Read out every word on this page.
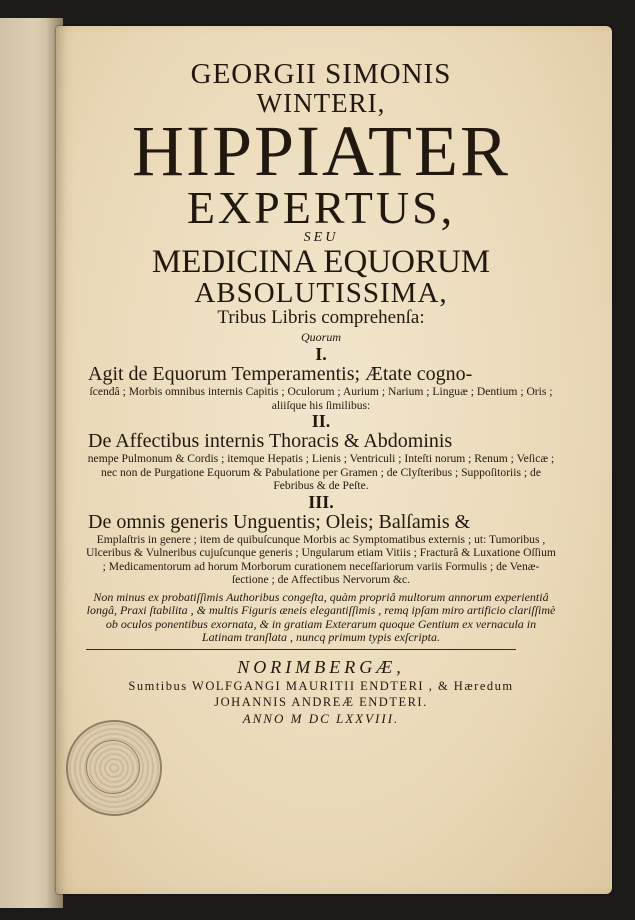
GEORGII SIMONIS
WINTERI,
HIPPIATER
EXPERTUS,
SEU
MEDICINA EQUORUM
ABSOLUTISSIMA,
Tribus Libris comprehenſa:
Quorum
I.
Agit de Equorum Temperamentis; Ætate cogno-
ſcendâ ; Morbis omnibus internis Capitis ; Oculorum ; Aurium ; Narium ; Linguæ ; Dentium ; Oris ; aliiſque his ſimilibus:
II.
De Affectibus internis Thoracis & Abdominis
nempe Pulmonum & Cordis ; itemque Hepatis ; Lienis ; Ventriculi ; Inteſti norum ; Renum ; Veſicæ ; nec non de Purgatione Equorum & Pabulatione per Gramen ; de Clyſteribus ; Suppoſitoriis ; de Febribus & de Peſte.
III.
De omnis generis Unguentis; Oleis; Balſamis &
Emplaſtris in genere ; item de quibuſcunque Morbis ac Symptomatibus externis ; ut: Tumoribus , Ulceribus & Vulneribus cujuſcunque generis ; Ungularum etiam Vitiis ; Fracturâ & Luxatione Oſſium ; Medicamentorum ad horum Morborum curationem neceſſariorum variis Formulis ; de Venæ- ſectione ; de Affectibus Nervorum &c.
Non minus ex probatiſſimis Authoribus congeſta, quàm propriâ multorum annorum experientiâ longâ, Praxi ſtabilita , & multis Figuris æneis elegantiſſimis , remq ipſam miro artificio clariſſimè ob oculos ponentibus exornata, & in gratiam Exterarum quoque Gentium ex vernacula in Latinam tranſlata , nuncq primum typis exſcripta.
NORIMBERGÆ,
Sumtibus WOLFGANGI MAURITII ENDTERI , & Hæredum
JOHANNIS ANDREÆ ENDTERI.
ANNO M DC LXXVIII.
